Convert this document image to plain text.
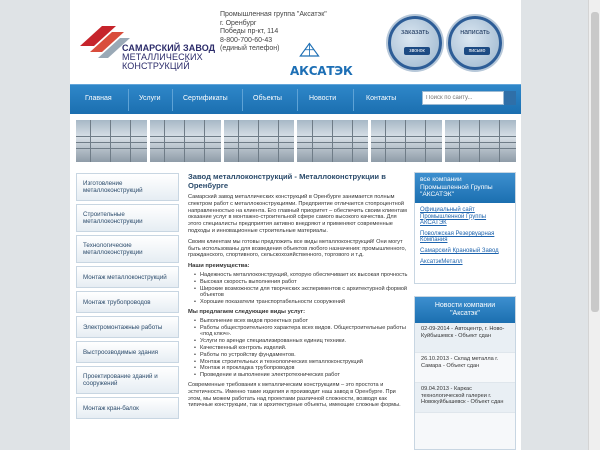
САМАРСКИЙ ЗАВОД
МЕТАЛЛИЧЕСКИХ
КОНСТРУКЦИЙ
Промышленная группа "Аксатэк"
г. Оренбург
Победы пр-кт, 114
8-800-700-60-43
(единый телефон)
АКСАТЭК
заказать
звонок
написать
письмо
Главная	Услуги	Сертификаты	Объекты	Новости	Контакты
Поиск по сайту...
Изготовление металлоконструкций
Строительные металлоконструкции
Технологические металлоконструкции
Монтаж металлоконструкций
Монтаж трубопроводов
Электромонтажные работы
Выстроозводимые здания
Проектирование зданий и сооружений
Монтаж кран-балок
Завод металлоконструкций - Металлоконструкции в Оренбурге

Самарский завод металлических конструкций в Оренбурге занимается полным спектром работ с металлоконструкциями. Предприятие отличается стопроцентной направленностью на клиента. Его главный приоритет – обеспечить своим клиентам оказание услуг в монтажно-строительной сфере самого высокого качества. Для этого специалисты предприятия активно внедряют и применяют современные подходы и инновационные строительные материалы.

Своим клиентам мы готовы предложить все виды металлоконструкций! Они могут быть использованы для возведения объектов любого назначения: промышленного, гражданского, спортивного, сельскохозяйственного, торгового и т.д.

Наши преимущества:
• Надежность металлоконструкций, которую обеспечивает их высокая прочность
• Высокая скорость выполнения работ
• Широкие возможности для творческих экспериментов с архитектурной формой объектов
• Хорошие показатели транспортабельности сооружений
Мы предлагаем следующие виды услуг:
• Выполнение всех видов проектных работ
• Работы общестроительного характера всех видов. Общестроительные работы «под ключ».
• Услуги по аренде специализированных единиц техники.
• Качественный контроль изделий.
• Работы по устройству фундаментов.
• Монтаж строительных и технологических металлоконструкций
• Монтаж и прокладка трубопроводов
• Проведение и выполнение электротехнических работ

Современные требования к металлическим конструкциям – это простота и эстетичность. Именно такие изделия и производит наш завод в Оренбурге. При этом, мы можем работать над проектами различной сложности, возводя как типичные конструкции, так и архитектурные объекты, имеющие сложные формы.

все компании Промышленной Группы "АКСАТЭК"
Официальный сайт Промышленной Группы АКСАТЭК
Поволжская Резервуарная Компания
Самарский Крановый Завод
АксатэкМеталл
Новости компании "Аксатэк"
02-09-2014 - Автоцентр, г. Ново-Куйбышевск - Объект сдан
26.10.2013 - Склад металла г. Самара - Объект сдан
09.04.2013 - Каркас технологической галереи г. Новокуйбышевск - Объект сдан
